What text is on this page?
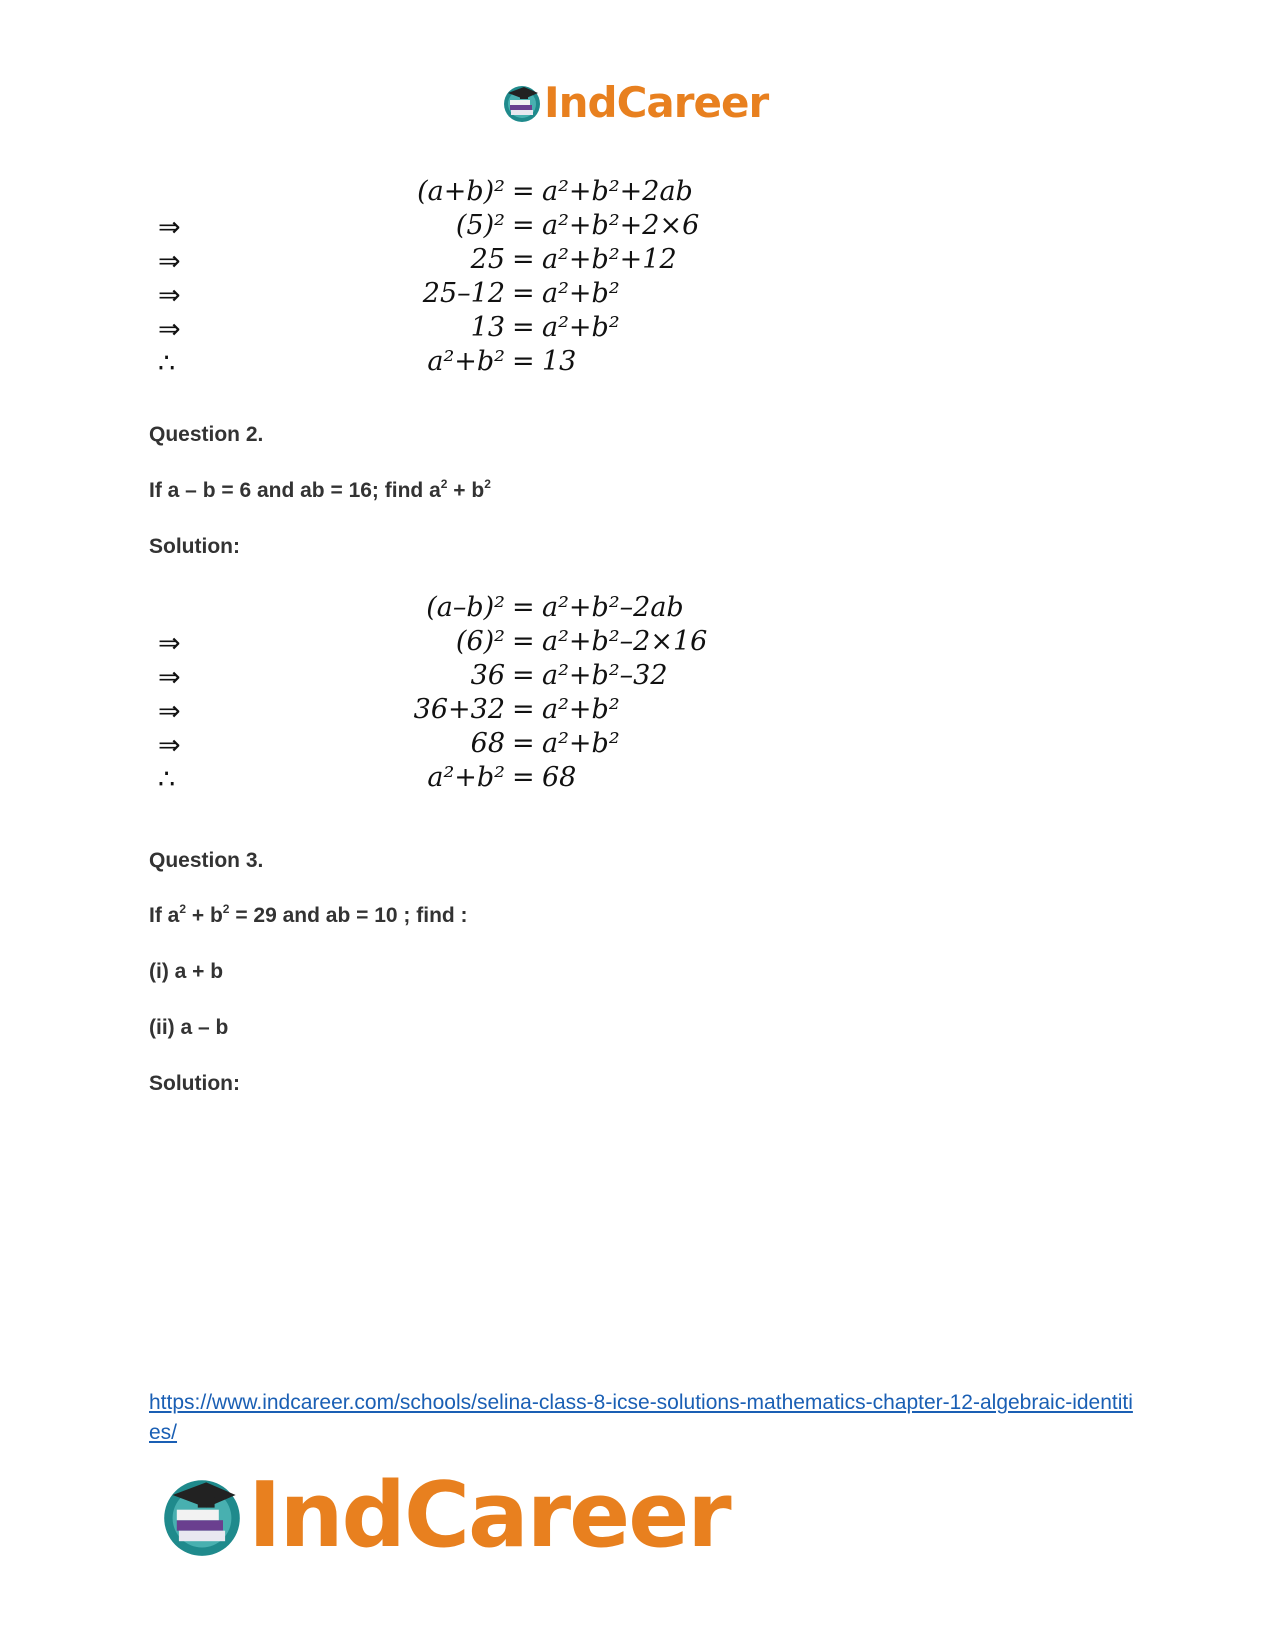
IndCareer
(a+b)² = a²+b²+2ab
⇒	(5)² = a²+b²+2×6
⇒	25 = a²+b²+12
⇒	25–12 = a²+b²
⇒	13 = a²+b²
∴	a²+b² = 13
Question 2.
If a – b = 6 and ab = 16; find $a^2 + b^2$
Solution:
(a–b)² = a²+b²–2ab
⇒	(6)² = a²+b²–2×16
⇒	36 = a²+b²–32
⇒	36+32 = a²+b²
⇒	68 = a²+b²
∴	a²+b² = 68
Question 3.
If $a^2 + b^2 = 29$ and ab = 10 ; find :
(i) a + b
(ii) a – b
Solution:
https://www.indcareer.com/schools/selina-class-8-icse-solutions-mathematics-chapter-12-algebraic-identities/
IndCareer
